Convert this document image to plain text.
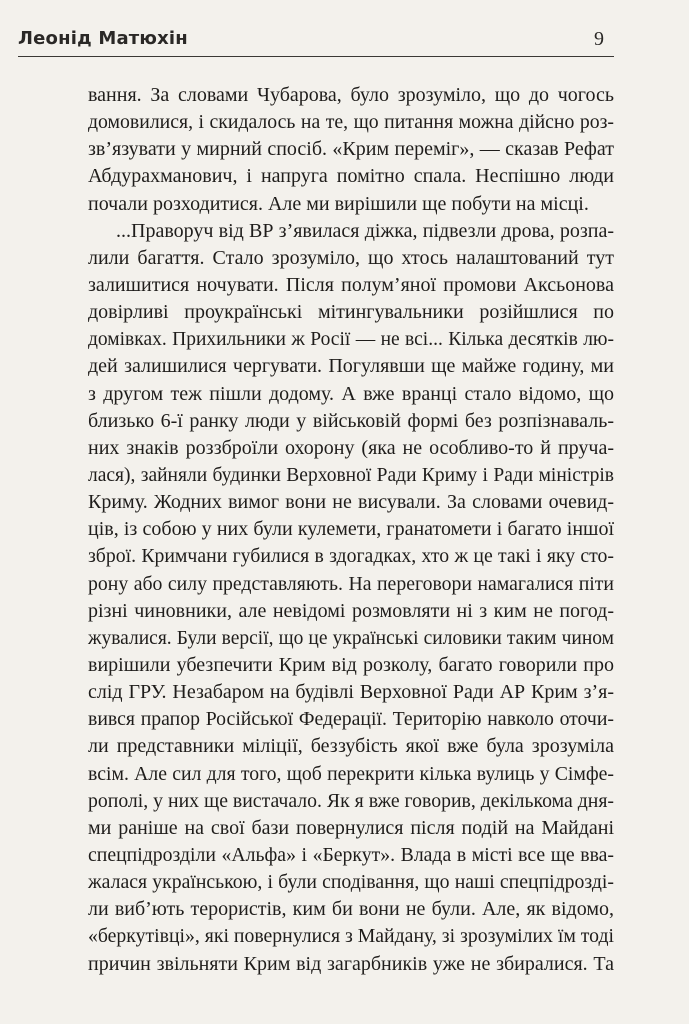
Леонід Матюхін	9
вання. За словами Чубарова, було зрозуміло, що до чогось
домовилися, і скидалось на те, що питання можна дійсно роз-
зв’язувати у мирний спосіб. «Крим переміг», — сказав Рефат
Абдурахманович, і напруга помітно спала. Неспішно люди
почали розходитися. Але ми вирішили ще побути на місці.
...Праворуч від ВР з’явилася діжка, підвезли дрова, розпа-
лили багаття. Стало зрозуміло, що хтось налаштований тут
залишитися ночувати. Після полум’яної промови Аксьонова
довірливі проукраїнські мітингувальники розійшлися по
домівках. Прихильники ж Росії — не всі... Кілька десятків лю-
дей залишилися чергувати. Погулявши ще майже годину, ми
з другом теж пішли додому. А вже вранці стало відомо, що
близько 6-ї ранку люди у військовій формі без розпізнаваль-
них знаків роззброїли охорону (яка не особливо-то й пруча-
лася), зайняли будинки Верховної Ради Криму і Ради міністрів
Криму. Жодних вимог вони не висували. За словами очевид-
ців, із собою у них були кулемети, гранатомети і багато іншої
зброї. Кримчани губилися в здогадках, хто ж це такі і яку сто-
рону або силу представляють. На переговори намагалися піти
різні чиновники, але невідомі розмовляти ні з ким не погод-
жувалися. Були версії, що це українські силовики таким чином
вирішили убезпечити Крим від розколу, багато говорили про
слід ГРУ. Незабаром на будівлі Верховної Ради АР Крим з’я-
вився прапор Російської Федерації. Територію навколо оточи-
ли представники міліції, беззубість якої вже була зрозуміла
всім. Але сил для того, щоб перекрити кілька вулиць у Сімфе-
рополі, у них ще вистачало. Як я вже говорив, декількома дня-
ми раніше на свої бази повернулися після подій на Майдані
спецпідрозділи «Альфа» і «Беркут». Влада в місті все ще вва-
жалася українською, і були сподівання, що наші спецпідрозді-
ли виб’ють терористів, ким би вони не були. Але, як відомо,
«беркутівці», які повернулися з Майдану, зі зрозумілих їм тоді
причин звільняти Крим від загарбників уже не збиралися. Та
